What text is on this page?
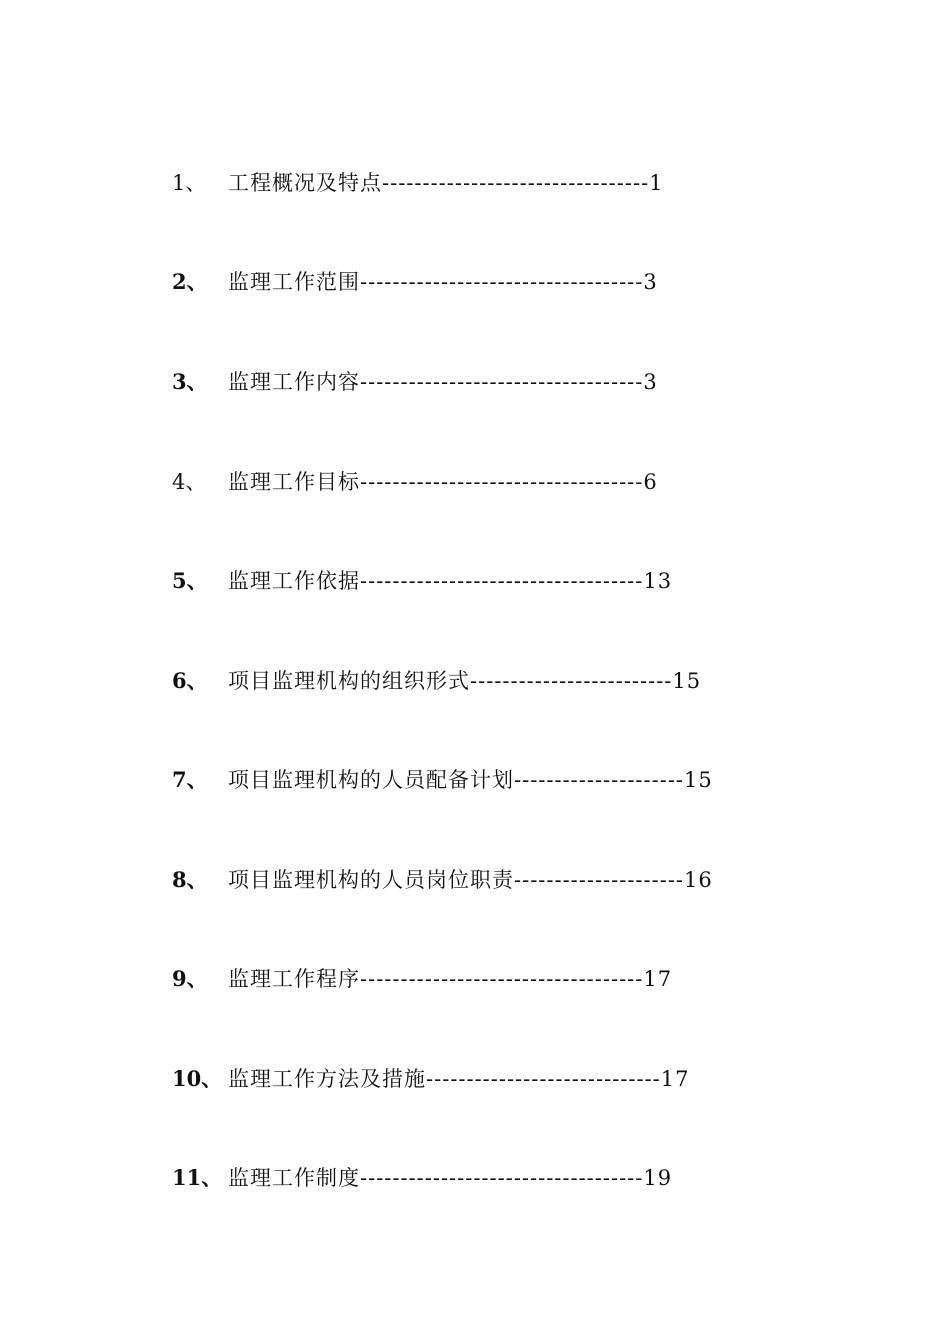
1、	工程概况及特点---------------------------------1
2、 监理工作范围-----------------------------------3
3、 监理工作内容-----------------------------------3
4、	监理工作目标-----------------------------------6
5、 监理工作依据-----------------------------------13
6、 项目监理机构的组织形式-------------------------15
7、 项目监理机构的人员配备计划---------------------15
8、 项目监理机构的人员岗位职责---------------------16
9、 监理工作程序-----------------------------------17
10、 监理工作方法及措施-----------------------------17
11、 监理工作制度-----------------------------------19
